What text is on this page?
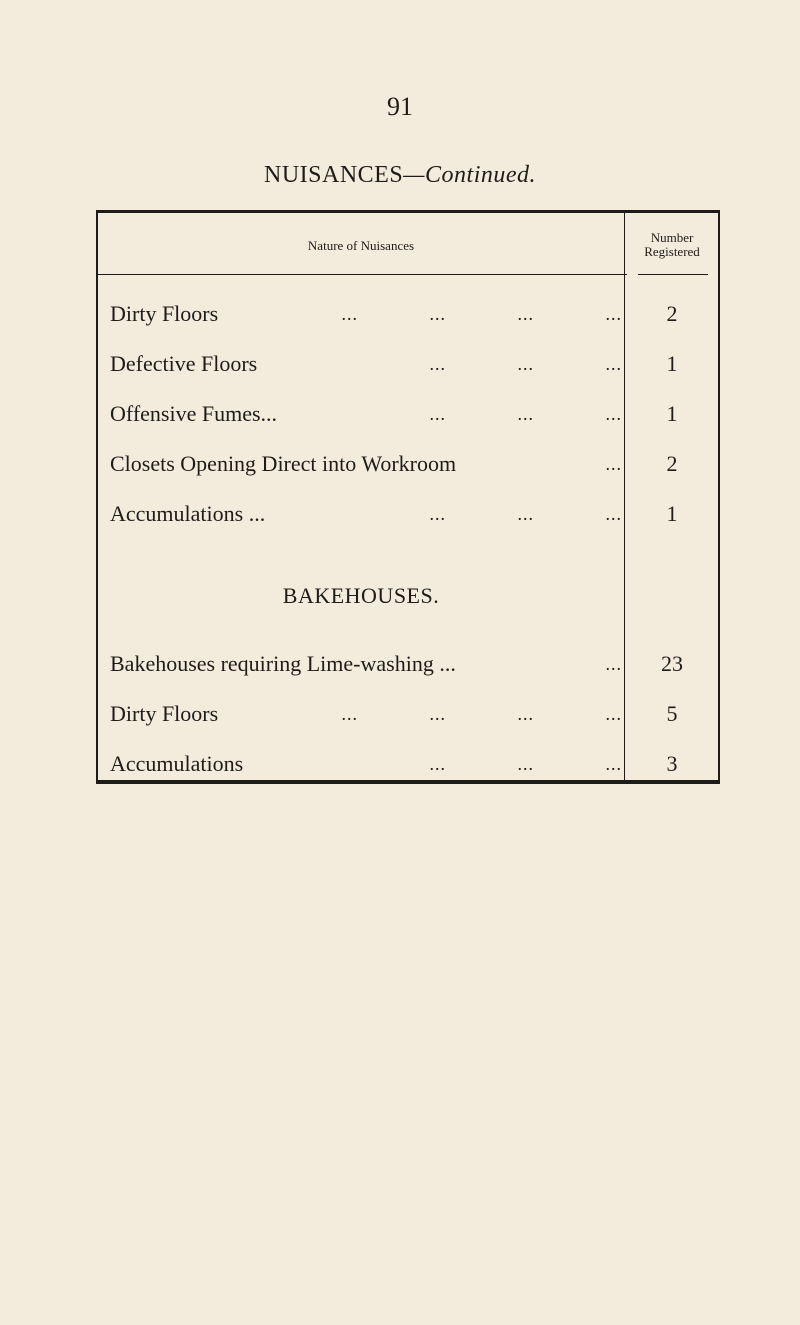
91
NUISANCES—Continued.
Nature of Nuisances
Number
Registered
Dirty Floors	...	...	...	...	2
Defective Floors	...	...	...	1
Offensive Fumes...	...	...	...	1
Closets Opening Direct into Workroom	...	2
Accumulations ...	...	...	...	1
BAKEHOUSES.
Bakehouses requiring Lime-washing ...	...	23
Dirty Floors	...	...	...	...	5
Accumulations	...	...	...	3
